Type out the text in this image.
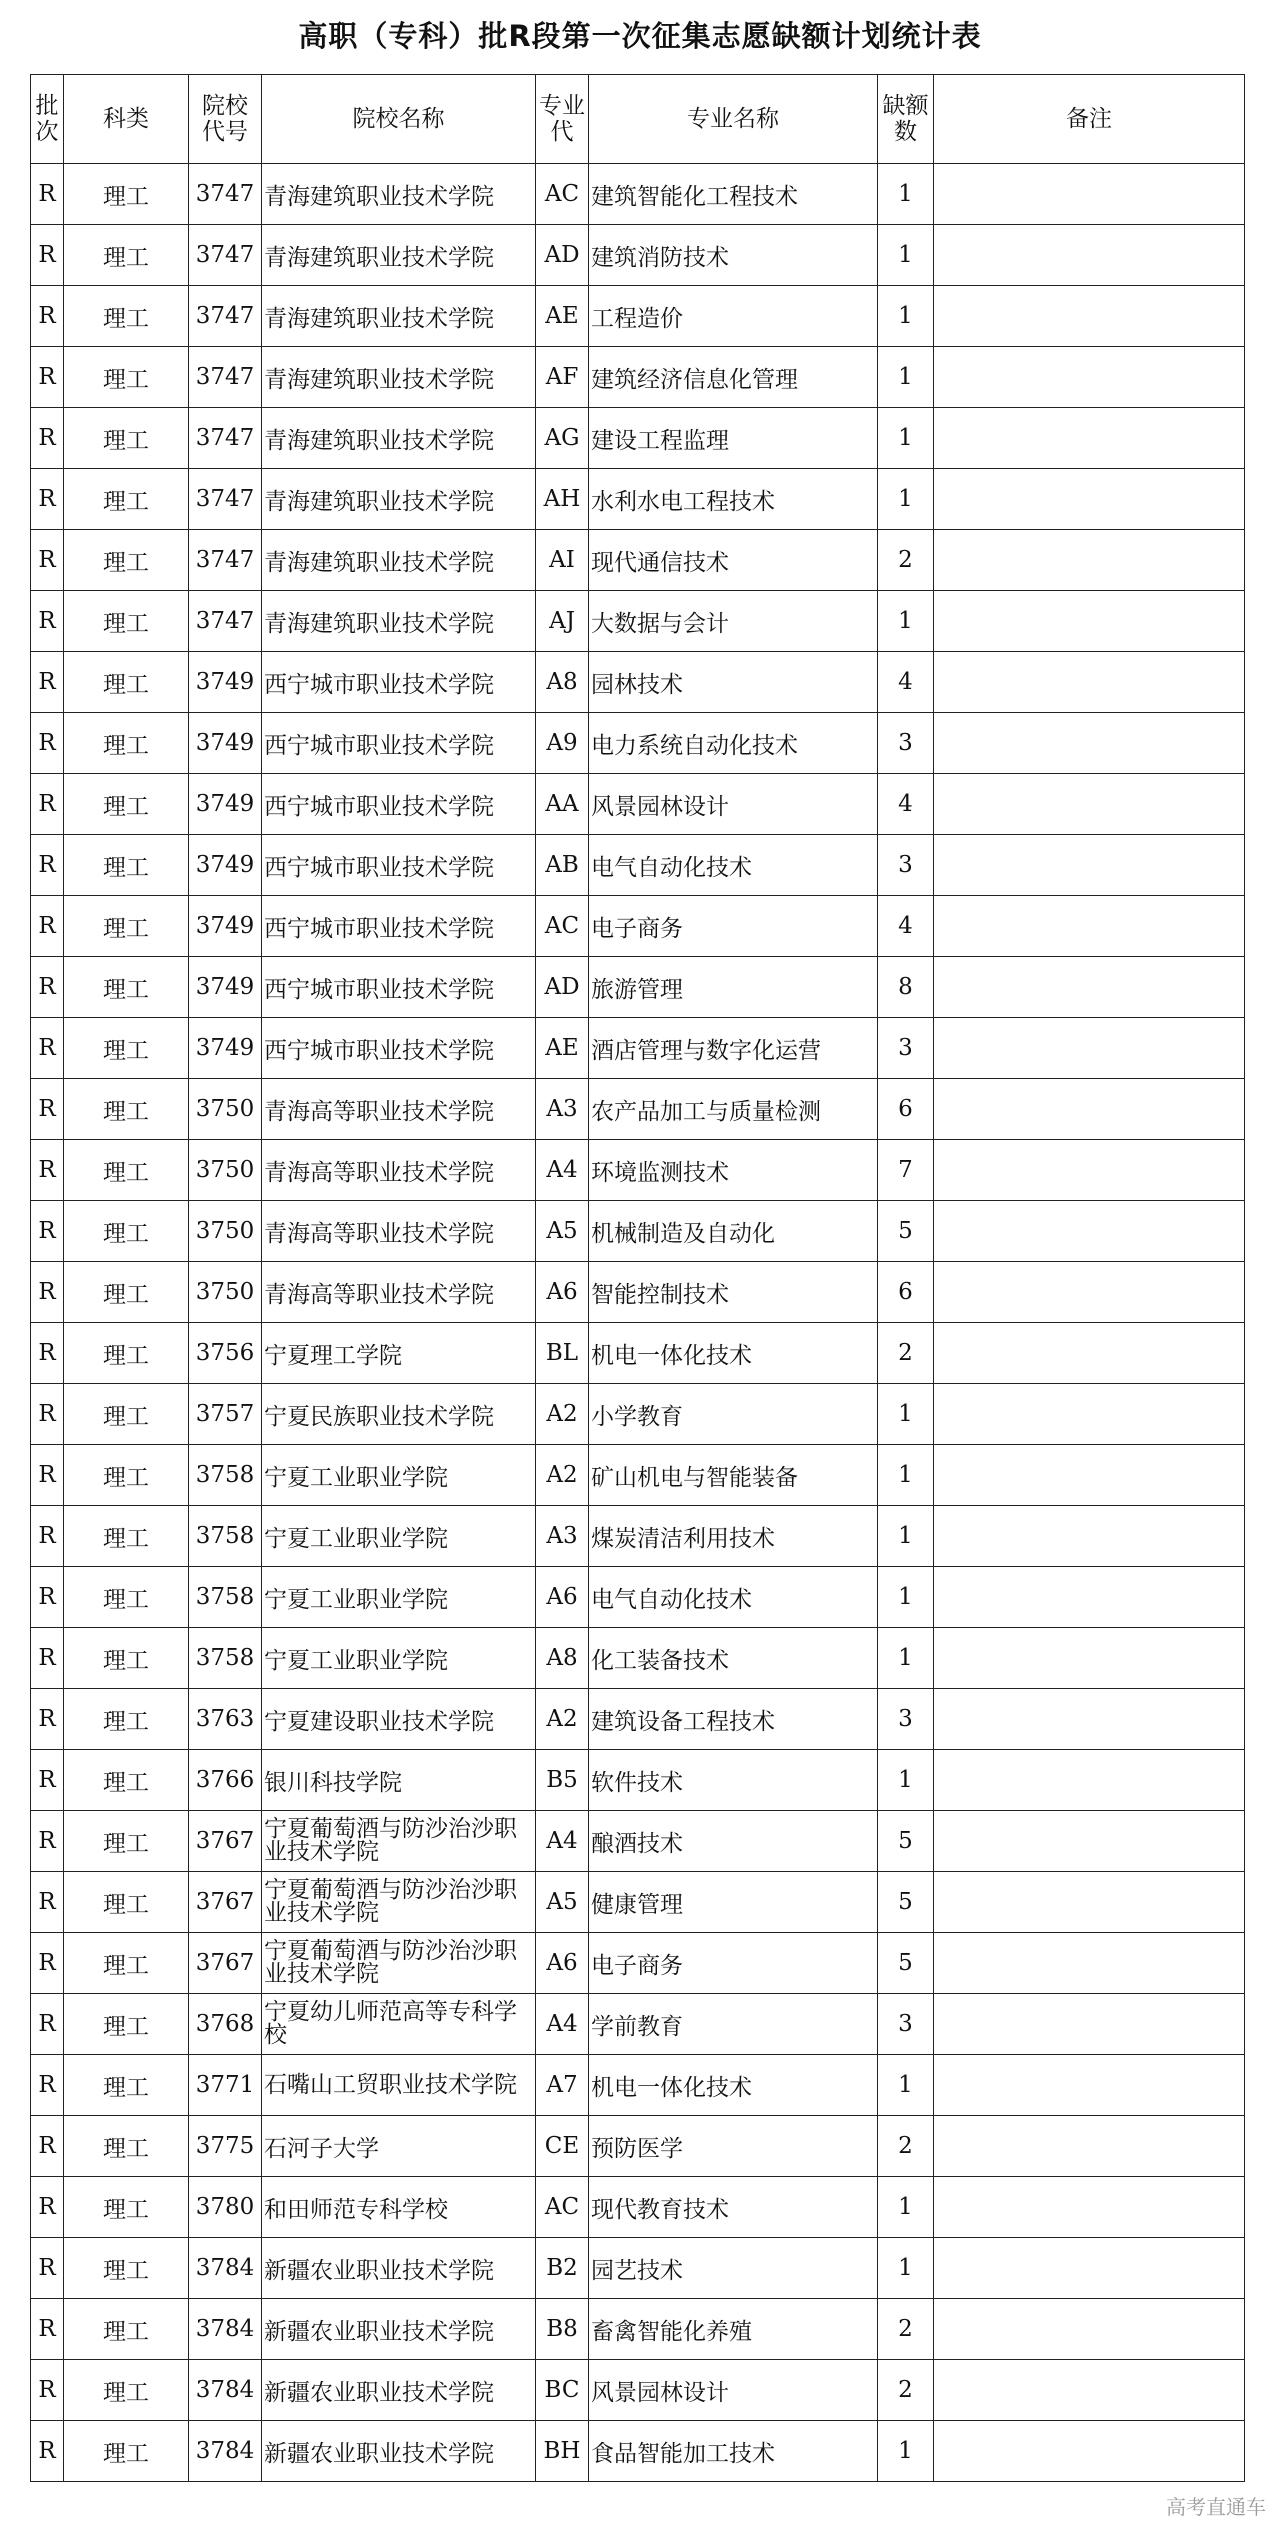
高职（专科）批R段第一次征集志愿缺额计划统计表
批次	科类	院校代号	院校名称	专业代	专业名称	缺额数	备注
R	理工	3747	青海建筑职业技术学院	AC	建筑智能化工程技术	1	
R	理工	3747	青海建筑职业技术学院	AD	建筑消防技术	1	
R	理工	3747	青海建筑职业技术学院	AE	工程造价	1	
R	理工	3747	青海建筑职业技术学院	AF	建筑经济信息化管理	1	
R	理工	3747	青海建筑职业技术学院	AG	建设工程监理	1	
R	理工	3747	青海建筑职业技术学院	AH	水利水电工程技术	1	
R	理工	3747	青海建筑职业技术学院	AI	现代通信技术	2	
R	理工	3747	青海建筑职业技术学院	AJ	大数据与会计	1	
R	理工	3749	西宁城市职业技术学院	A8	园林技术	4	
R	理工	3749	西宁城市职业技术学院	A9	电力系统自动化技术	3	
R	理工	3749	西宁城市职业技术学院	AA	风景园林设计	4	
R	理工	3749	西宁城市职业技术学院	AB	电气自动化技术	3	
R	理工	3749	西宁城市职业技术学院	AC	电子商务	4	
R	理工	3749	西宁城市职业技术学院	AD	旅游管理	8	
R	理工	3749	西宁城市职业技术学院	AE	酒店管理与数字化运营	3	
R	理工	3750	青海高等职业技术学院	A3	农产品加工与质量检测	6	
R	理工	3750	青海高等职业技术学院	A4	环境监测技术	7	
R	理工	3750	青海高等职业技术学院	A5	机械制造及自动化	5	
R	理工	3750	青海高等职业技术学院	A6	智能控制技术	6	
R	理工	3756	宁夏理工学院	BL	机电一体化技术	2	
R	理工	3757	宁夏民族职业技术学院	A2	小学教育	1	
R	理工	3758	宁夏工业职业学院	A2	矿山机电与智能装备	1	
R	理工	3758	宁夏工业职业学院	A3	煤炭清洁利用技术	1	
R	理工	3758	宁夏工业职业学院	A6	电气自动化技术	1	
R	理工	3758	宁夏工业职业学院	A8	化工装备技术	1	
R	理工	3763	宁夏建设职业技术学院	A2	建筑设备工程技术	3	
R	理工	3766	银川科技学院	B5	软件技术	1	
R	理工	3767	宁夏葡萄酒与防沙治沙职业技术学院	A4	酿酒技术	5	
R	理工	3767	宁夏葡萄酒与防沙治沙职业技术学院	A5	健康管理	5	
R	理工	3767	宁夏葡萄酒与防沙治沙职业技术学院	A6	电子商务	5	
R	理工	3768	宁夏幼儿师范高等专科学校	A4	学前教育	3	
R	理工	3771	石嘴山工贸职业技术学院	A7	机电一体化技术	1	
R	理工	3775	石河子大学	CE	预防医学	2	
R	理工	3780	和田师范专科学校	AC	现代教育技术	1	
R	理工	3784	新疆农业职业技术学院	B2	园艺技术	1	
R	理工	3784	新疆农业职业技术学院	B8	畜禽智能化养殖	2	
R	理工	3784	新疆农业职业技术学院	BC	风景园林设计	2	
R	理工	3784	新疆农业职业技术学院	BH	食品智能加工技术	1	
高考直通车
